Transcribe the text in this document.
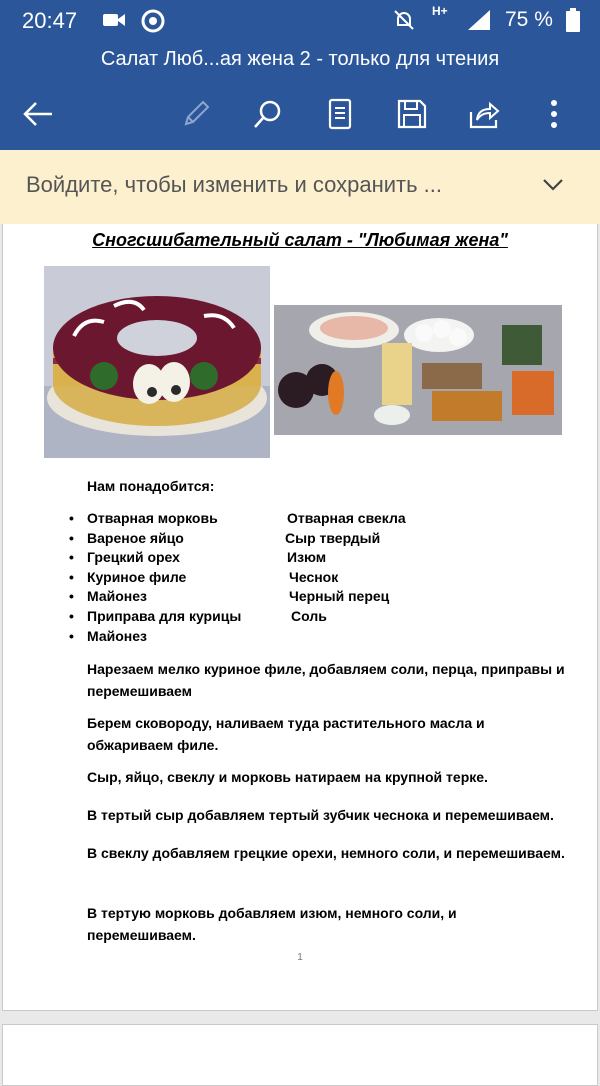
20:47	H+	75 %
Салат Люб...ая жена 2 - только для чтения
Войдите, чтобы изменить и сохранить ...
Сногсшибательный салат - "Любимая жена"
Нам понадобится:
• Отварная морковь	Отварная свекла
• Вареное яйцо	Сыр твердый
• Грецкий орех	Изюм
• Куриное филе	Чеснок
• Майонез	Черный перец
• Приправа для курицы	Соль
• Майонез
Нарезаем мелко куриное филе, добавляем соли, перца, приправы и перемешиваем
Берем сковороду, наливаем туда растительного масла и обжариваем филе.
Сыр, яйцо, свеклу и морковь натираем на крупной терке.
В тертый сыр добавляем тертый зубчик чеснока и перемешиваем.
В свеклу добавляем грецкие орехи, немного соли, и перемешиваем.
В тертую морковь добавляем изюм, немного соли, и перемешиваем.
1
